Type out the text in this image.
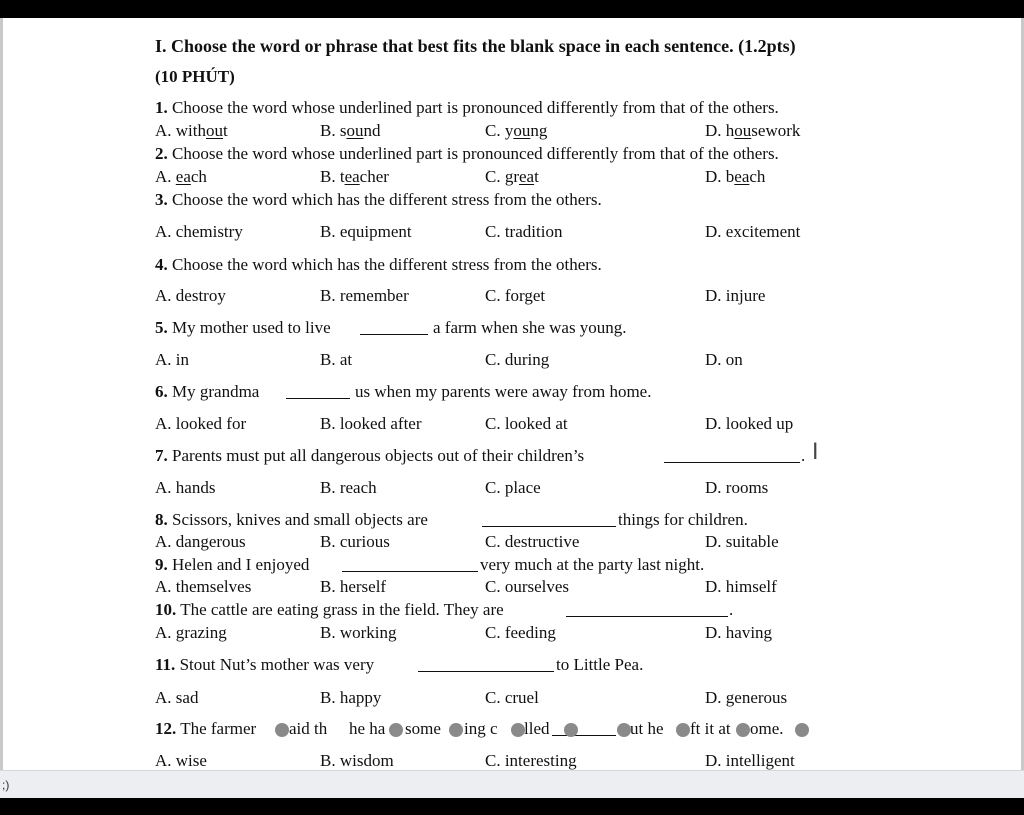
I. Choose the word or phrase that best fits the blank space in each sentence. (1.2pts)
(10 PHÚT)
1. Choose the word whose underlined part is pronounced differently from that of the others.
A. without	B. sound	C. young	D. housework
2. Choose the word whose underlined part is pronounced differently from that of the others.
A. each	B. teacher	C. great	D. beach
3. Choose the word which has the different stress from the others.
A. chemistry	B. equipment	C. tradition	D. excitement
4. Choose the word which has the different stress from the others.
A. destroy	B. remember	C. forget	D. injure
5. My mother used to live	a farm when she was young.
A. in	B. at	C. during	D. on
6. My grandma	us when my parents were away from home.
A. looked for	B. looked after	C. looked at	D. looked up
7. Parents must put all dangerous objects out of their children’s	. I
A. hands	B. reach	C. place	D. rooms
8. Scissors, knives and small objects are	things for children.
A. dangerous	B. curious	C. destructive	D. suitable
9. Helen and I enjoyed	very much at the party last night.
A. themselves	B. herself	C. ourselves	D. himself
10. The cattle are eating grass in the field. They are	.
A. grazing	B. working	C. feeding	D. having
11. Stout Nut’s mother was very	to Little Pea.
A. sad	B. happy	C. cruel	D. generous
12. The farmer aid th he ha some ing c lled	ut he ft it at ome.
A. wise	B. wisdom	C. interesting	D. intelligent
;)
